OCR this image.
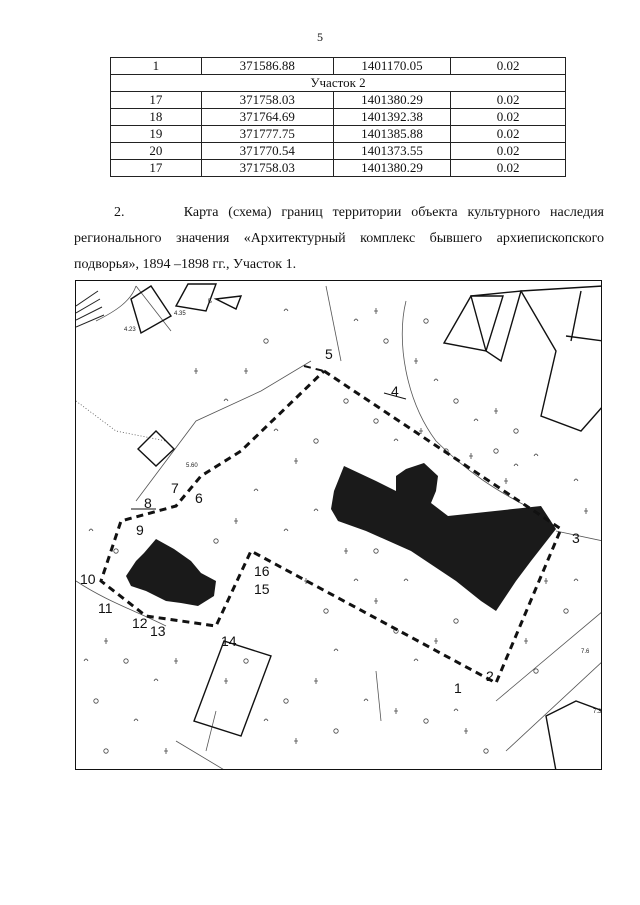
5
1	371586.88	1401170.05	0.02
Участок 2			
17	371758.03	1401380.29	0.02
18	371764.69	1401392.38	0.02
19	371777.75	1401385.88	0.02
20	371770.54	1401373.55	0.02
17	371758.03	1401380.29	0.02
2.	Карта (схема) границ территории объекта культурного наследия регионального значения «Архитектурный комплекс бывшего архиепископского подворья», 1894 –1898 гг., Участок 1.
4.23
4.35
5.60
7.6
7.3
Б
1
2
3
4
5
6
7
8
9
10
11
12 13
14
15
16
